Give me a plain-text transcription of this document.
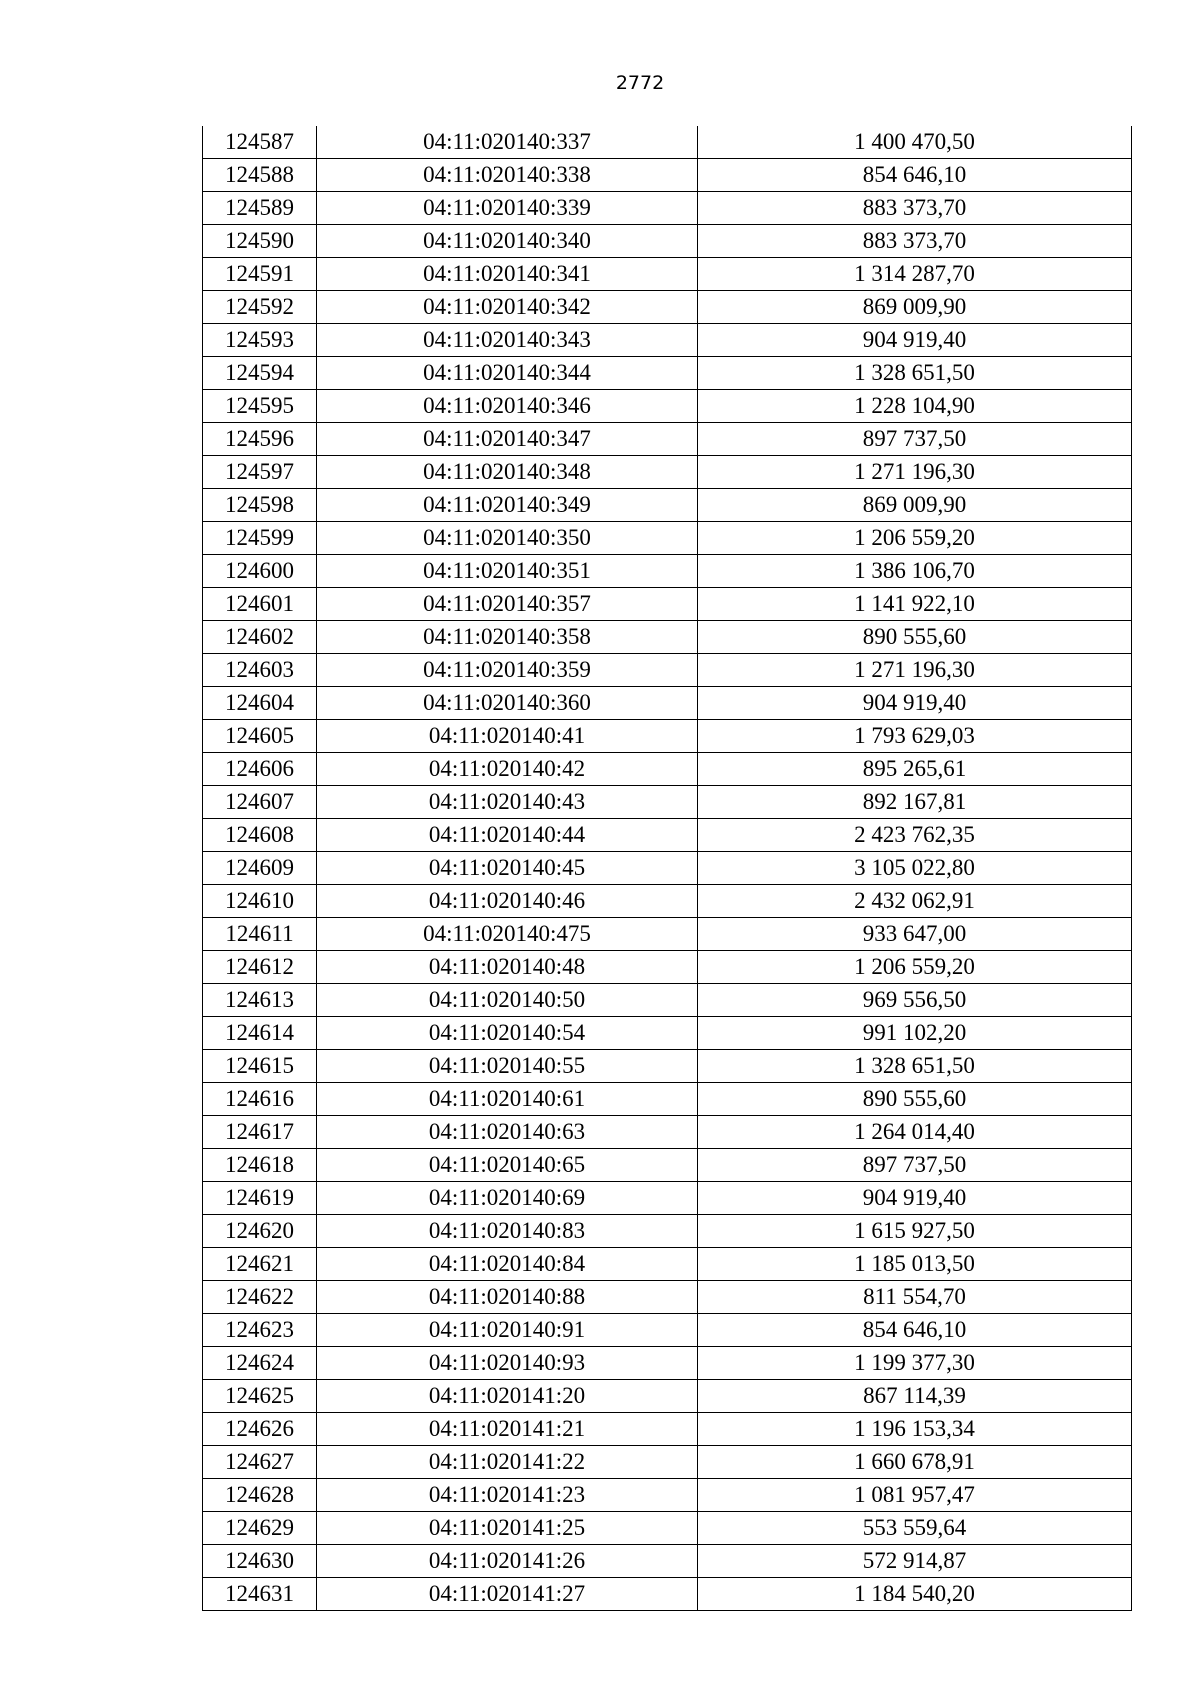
2772
124587	04:11:020140:337	1 400 470,50
124588	04:11:020140:338	854 646,10
124589	04:11:020140:339	883 373,70
124590	04:11:020140:340	883 373,70
124591	04:11:020140:341	1 314 287,70
124592	04:11:020140:342	869 009,90
124593	04:11:020140:343	904 919,40
124594	04:11:020140:344	1 328 651,50
124595	04:11:020140:346	1 228 104,90
124596	04:11:020140:347	897 737,50
124597	04:11:020140:348	1 271 196,30
124598	04:11:020140:349	869 009,90
124599	04:11:020140:350	1 206 559,20
124600	04:11:020140:351	1 386 106,70
124601	04:11:020140:357	1 141 922,10
124602	04:11:020140:358	890 555,60
124603	04:11:020140:359	1 271 196,30
124604	04:11:020140:360	904 919,40
124605	04:11:020140:41	1 793 629,03
124606	04:11:020140:42	895 265,61
124607	04:11:020140:43	892 167,81
124608	04:11:020140:44	2 423 762,35
124609	04:11:020140:45	3 105 022,80
124610	04:11:020140:46	2 432 062,91
124611	04:11:020140:475	933 647,00
124612	04:11:020140:48	1 206 559,20
124613	04:11:020140:50	969 556,50
124614	04:11:020140:54	991 102,20
124615	04:11:020140:55	1 328 651,50
124616	04:11:020140:61	890 555,60
124617	04:11:020140:63	1 264 014,40
124618	04:11:020140:65	897 737,50
124619	04:11:020140:69	904 919,40
124620	04:11:020140:83	1 615 927,50
124621	04:11:020140:84	1 185 013,50
124622	04:11:020140:88	811 554,70
124623	04:11:020140:91	854 646,10
124624	04:11:020140:93	1 199 377,30
124625	04:11:020141:20	867 114,39
124626	04:11:020141:21	1 196 153,34
124627	04:11:020141:22	1 660 678,91
124628	04:11:020141:23	1 081 957,47
124629	04:11:020141:25	553 559,64
124630	04:11:020141:26	572 914,87
124631	04:11:020141:27	1 184 540,20
